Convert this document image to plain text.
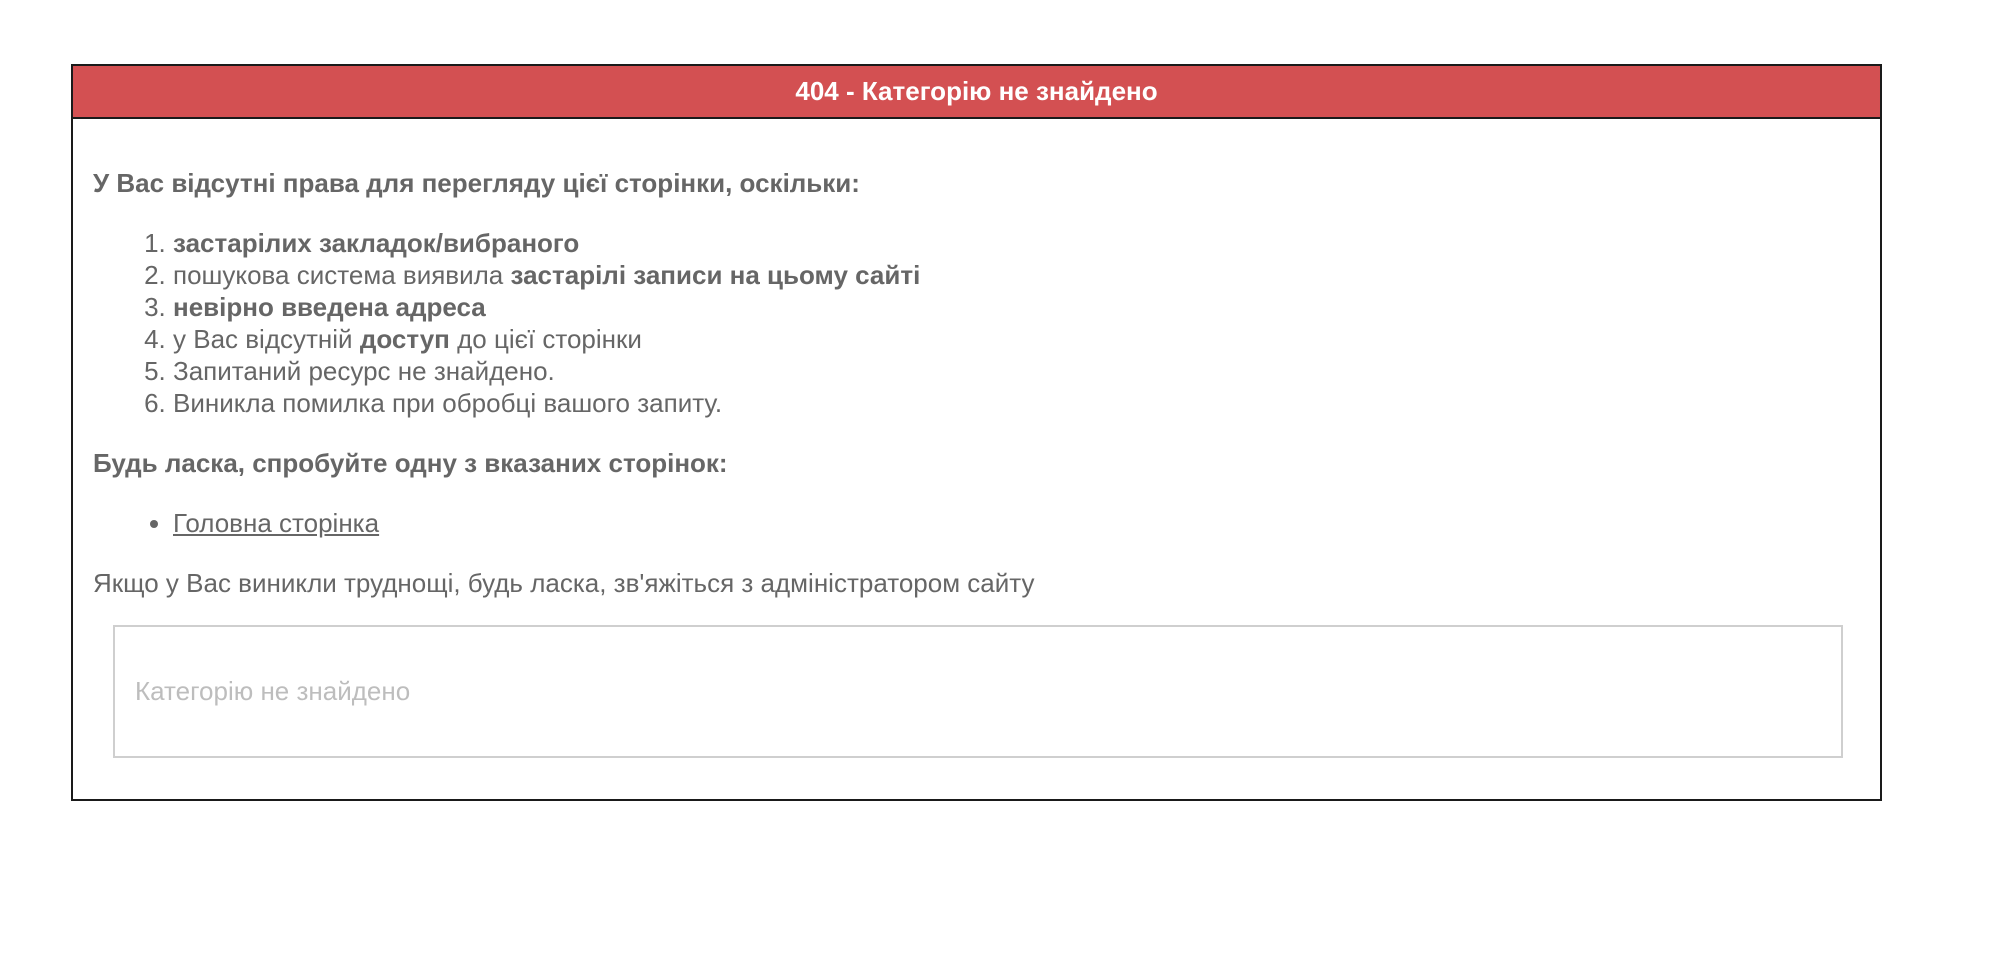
404 - Категорію не знайдено

У Вас відсутні права для перегляду цієї сторінки, оскільки:

1. застарілих закладок/вибраного
2. пошукова система виявила застарілі записи на цьому сайті
3. невірно введена адреса
4. у Вас відсутній доступ до цієї сторінки
5. Запитаний ресурс не знайдено.
6. Виникла помилка при обробці вашого запиту.

Будь ласка, спробуйте одну з вказаних сторінок:

• Головна сторінка

Якщо у Вас виникли труднощі, будь ласка, зв'яжіться з адміністратором сайту

Категорію не знайдено
